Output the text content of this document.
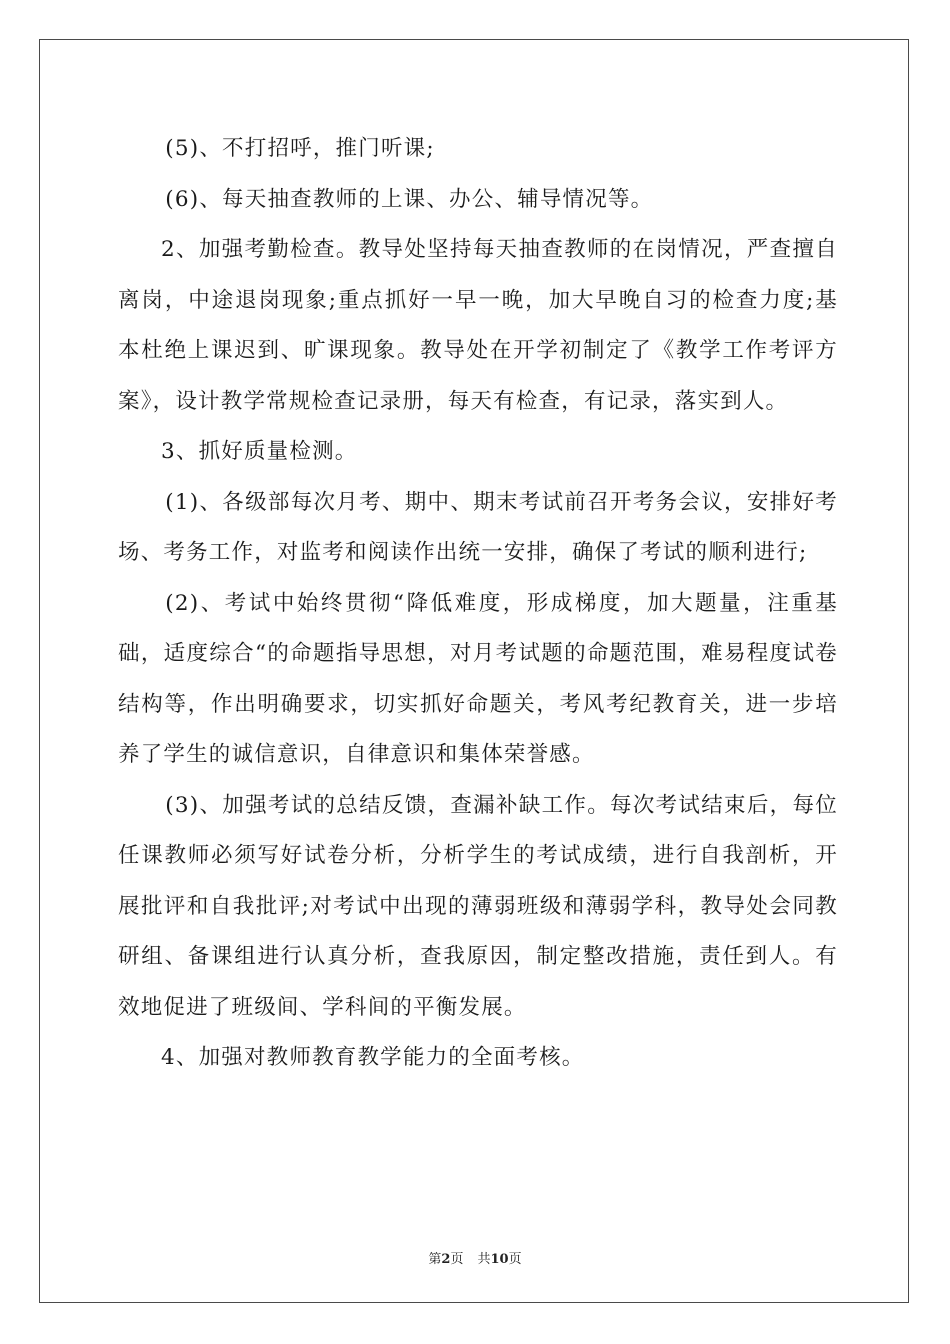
(5)、不打招呼，推门听课;

(6)、每天抽查教师的上课、办公、辅导情况等。

2、加强考勤检查。教导处坚持每天抽查教师的在岗情况，严查擅自离岗，中途退岗现象;重点抓好一早一晚，加大早晚自习的检查力度;基本杜绝上课迟到、旷课现象。教导处在开学初制定了《教学工作考评方案》，设计教学常规检查记录册，每天有检查，有记录，落实到人。

3、抓好质量检测。

(1)、各级部每次月考、期中、期末考试前召开考务会议，安排好考场、考务工作，对监考和阅读作出统一安排，确保了考试的顺利进行;

(2)、考试中始终贯彻“降低难度，形成梯度，加大题量，注重基础，适度综合“的命题指导思想，对月考试题的命题范围，难易程度试卷结构等，作出明确要求，切实抓好命题关，考风考纪教育关，进一步培养了学生的诚信意识，自律意识和集体荣誉感。

(3)、加强考试的总结反馈，查漏补缺工作。每次考试结束后，每位任课教师必须写好试卷分析，分析学生的考试成绩，进行自我剖析，开展批评和自我批评;对考试中出现的薄弱班级和薄弱学科，教导处会同教研组、备课组进行认真分析，查我原因，制定整改措施，责任到人。有效地促进了班级间、学科间的平衡发展。

4、加强对教师教育教学能力的全面考核。

第2页 共10页
